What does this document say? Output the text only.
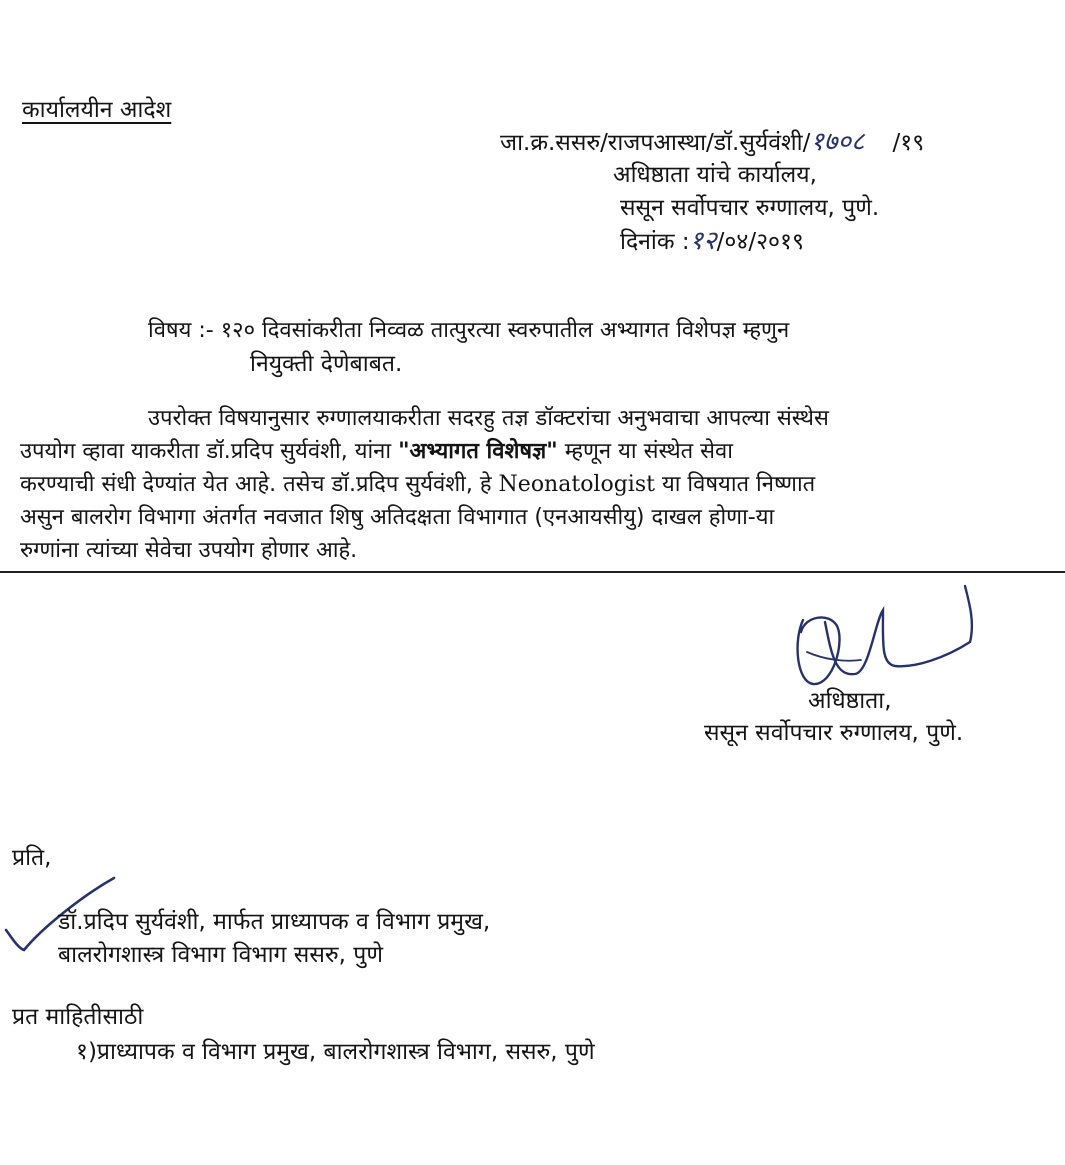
कार्यालयीन आदेश
जा.क्र.ससरु/राजपआस्था/डॉ.सुर्यवंशी/१७०८ /१९
अधिष्ठाता यांचे कार्यालय,
ससून सर्वोपचार रुग्णालय, पुणे.
दिनांक :१२/०४/२०१९
विषय :- १२० दिवसांकरीता निव्वळ तात्पुरत्या स्वरुपातील अभ्यागत विशेपज्ञ म्हणुन
नियुक्ती देणेबाबत.
उपरोक्त विषयानुसार रुग्णालयाकरीता सदरहु तज्ञ डॉक्टरांचा अनुभवाचा आपल्या संस्थेस
उपयोग व्हावा याकरीता डॉ.प्रदिप सुर्यवंशी, यांना "अभ्यागत विशेषज्ञ" म्हणून या संस्थेत सेवा
करण्याची संधी देण्यांत येत आहे. तसेच डॉ.प्रदिप सुर्यवंशी, हे Neonatologist या विषयात निष्णात
असुन बालरोग विभागा अंतर्गत नवजात शिषु अतिदक्षता विभागात (एनआयसीयु) दाखल होणा-या
रुग्णांना त्यांच्या सेवेचा उपयोग होणार आहे.
अधिष्ठाता,
ससून सर्वोपचार रुग्णालय, पुणे.
प्रति,
डॉ.प्रदिप सुर्यवंशी, मार्फत प्राध्यापक व विभाग प्रमुख,
बालरोगशास्त्र विभाग विभाग ससरु, पुणे
प्रत माहितीसाठी
१)प्राध्यापक व विभाग प्रमुख, बालरोगशास्त्र विभाग, ससरु, पुणे
